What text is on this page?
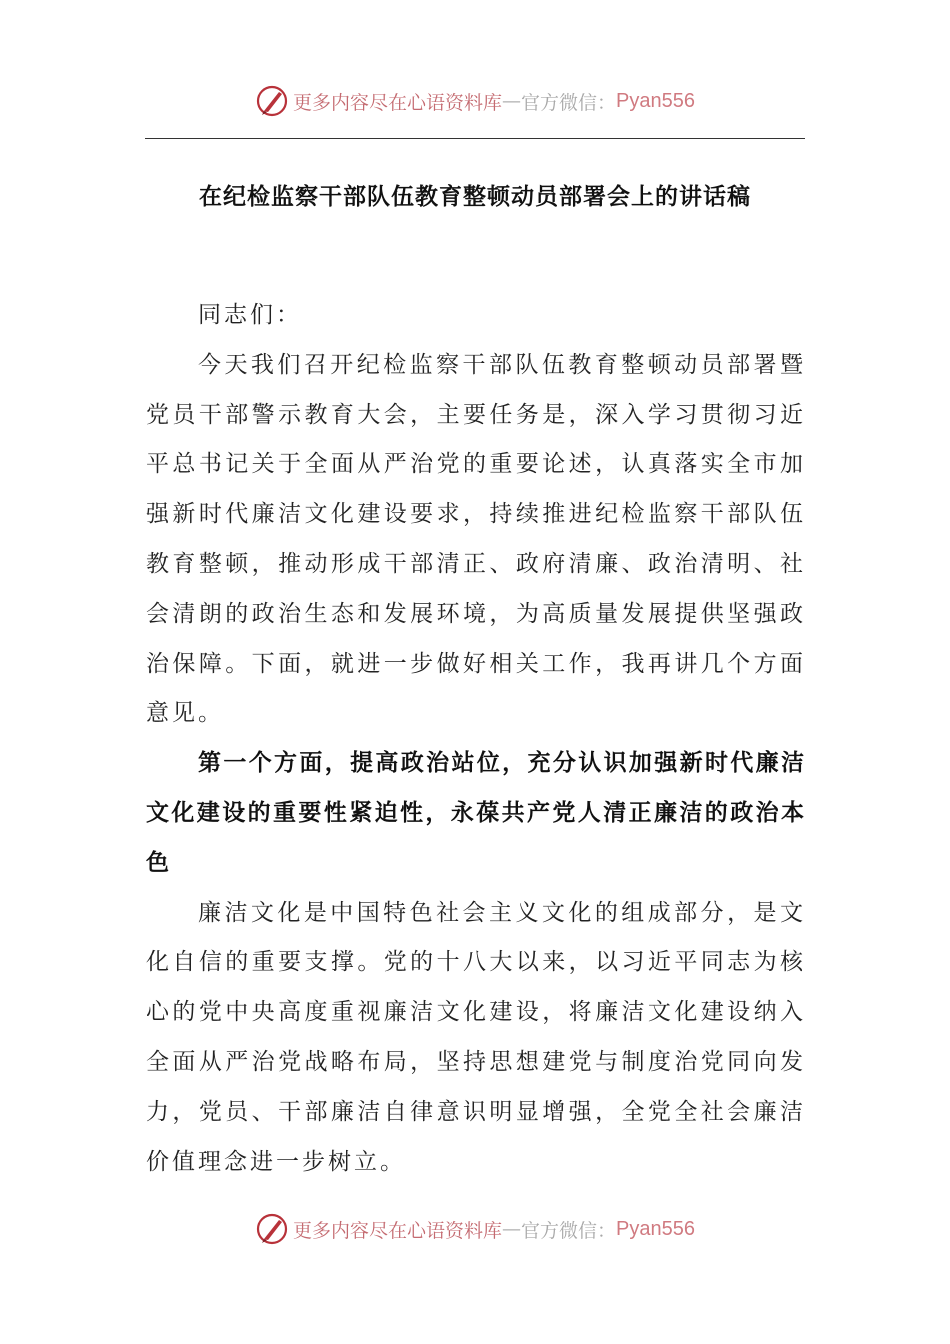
更多内容尽在心语资料库 — 官方微信： Pyan556
在纪检监察干部队伍教育整顿动员部署会上的讲话稿

同志们：

今天我们召开纪检监察干部队伍教育整顿动员部署暨党员干部警示教育大会，主要任务是，深入学习贯彻习近平总书记关于全面从严治党的重要论述，认真落实全市加强新时代廉洁文化建设要求，持续推进纪检监察干部队伍教育整顿，推动形成干部清正、政府清廉、政治清明、社会清朗的政治生态和发展环境，为高质量发展提供坚强政治保障。下面，就进一步做好相关工作，我再讲几个方面意见。

第一个方面，提高政治站位，充分认识加强新时代廉洁文化建设的重要性紧迫性，永葆共产党人清正廉洁的政治本色

廉洁文化是中国特色社会主义文化的组成部分，是文化自信的重要支撑。党的十八大以来，以习近平同志为核心的党中央高度重视廉洁文化建设，将廉洁文化建设纳入全面从严治党战略布局，坚持思想建党与制度治党同向发力，党员、干部廉洁自律意识明显增强，全党全社会廉洁价值理念进一步树立。

更多内容尽在心语资料库 — 官方微信： Pyan556
